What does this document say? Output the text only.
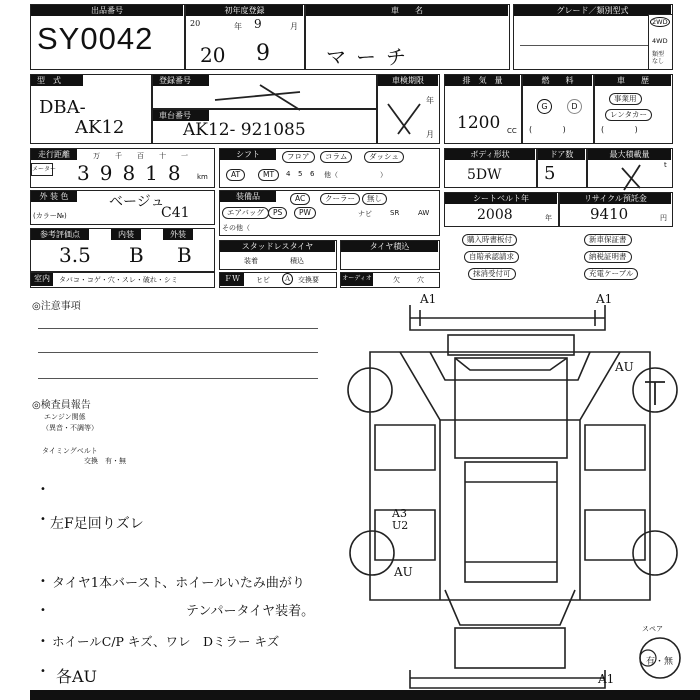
出品番号
SY0042
初年度登録
20	年 9	月
20 9
車　　名
マーチ
グレード／類別型式
2WD
4WD
類型
なし
型　式
DBA-
AK12
登録番号
車台番号
AK12- 921085
車検期限
年
月
排　気　量
1200 CC
燃　　料
G	D
(            )
車　　歴
事業用
レンタカー
(            )
走行距離
メーター
万 千 百 十 一
39818 km
シフト	フロア	コラム	ダッシュ
AT	MT	4 5 6 他（	）
ボディ形状
5DW
ドア数
5
最大積載量
t
外 装 色
(カラー№)
ベージュ
C41
装備品	AC	クーラー	無し
エアバッグ	PS	PW	ナビ	SR	AW
その他（
シートベルト年
2008	年
リサイクル預託金
9410	円
参考評価点	内装	外装
3.5 B B	スタッドレスタイヤ
装着	積込
タイヤ積込
購入時書板付	新車保証書
自賠承認請求	納税証明書
抹消受付可	充電ケーブル
室内	タバコ・コゲ・穴・スレ・破れ・シミ	ＦＷ	ヒビ Ａ 交換要	オーディオ	欠 穴
◎注意事項
◎検査員報告
エンジン関係
（異音・不調等）
タイミングベルト
交換　有・無
•
• 左F足回りズレ
• タイヤ1本バースト、ホイールいたみ曲がり
•	テンパータイヤ装着。
• ホイールC/P キズ、ワレ　Dミラー キズ
• 各AU
A1	A1
AU
A3
U2
AU
A1
スペア
有・無
